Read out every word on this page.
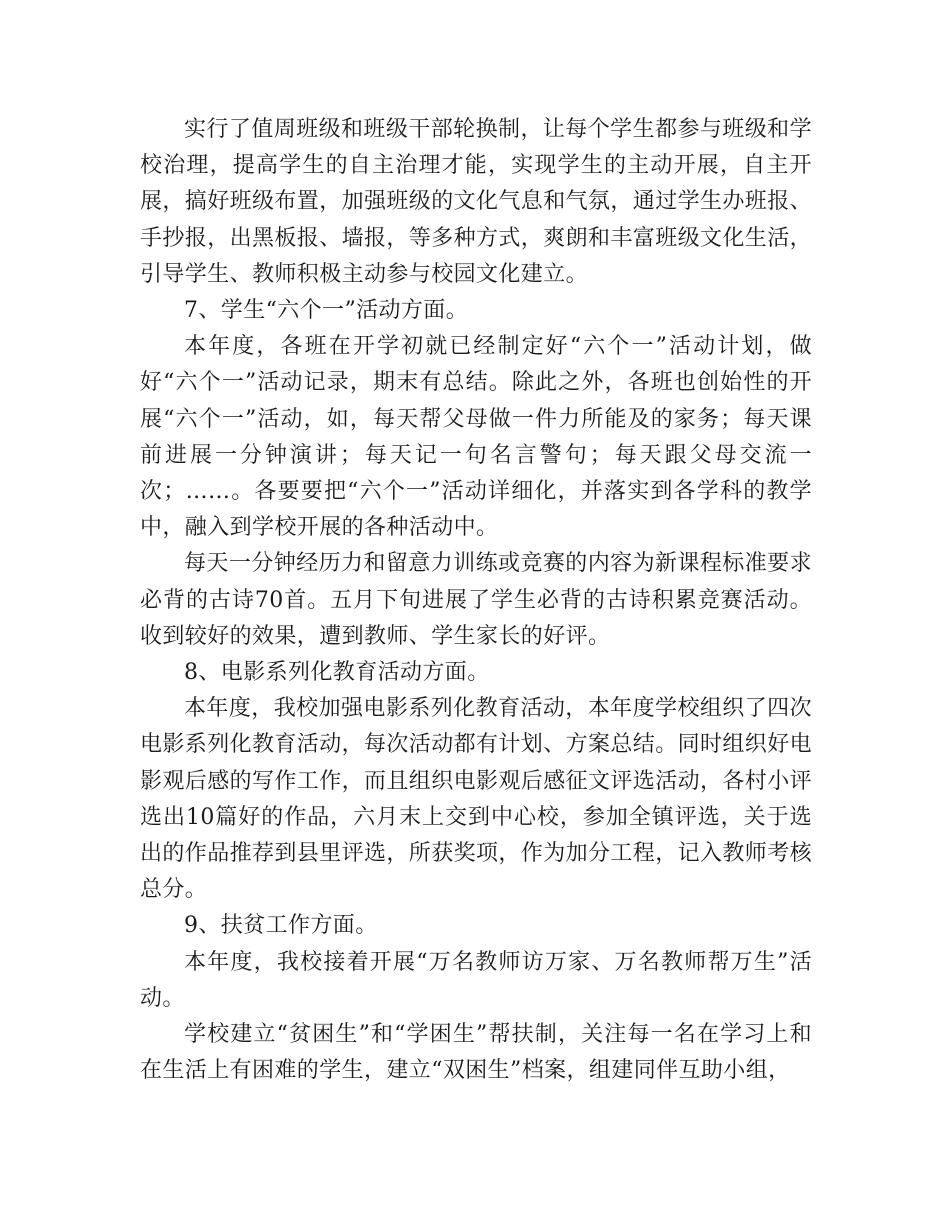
实行了值周班级和班级干部轮换制，让每个学生都参与班级和学校治理，提高学生的自主治理才能，实现学生的主动开展，自主开展，搞好班级布置，加强班级的文化气息和气氛，通过学生办班报、手抄报，出黑板报、墙报，等多种方式，爽朗和丰富班级文化生活，引导学生、教师积极主动参与校园文化建立。

7、学生“六个一”活动方面。

本年度，各班在开学初就已经制定好“六个一”活动计划，做好“六个一”活动记录，期末有总结。除此之外，各班也创始性的开展“六个一”活动，如，每天帮父母做一件力所能及的家务；每天课前进展一分钟演讲；每天记一句名言警句；每天跟父母交流一次；……。各要要把“六个一”活动详细化，并落实到各学科的教学中，融入到学校开展的各种活动中。

每天一分钟经历力和留意力训练或竞赛的内容为新课程标准要求必背的古诗70首。五月下旬进展了学生必背的古诗积累竞赛活动。收到较好的效果，遭到教师、学生家长的好评。

8、电影系列化教育活动方面。

本年度，我校加强电影系列化教育活动，本年度学校组织了四次电影系列化教育活动，每次活动都有计划、方案总结。同时组织好电影观后感的写作工作，而且组织电影观后感征文评选活动，各村小评选出10篇好的作品，六月末上交到中心校，参加全镇评选，关于选出的作品推荐到县里评选，所获奖项，作为加分工程，记入教师考核总分。

9、扶贫工作方面。

本年度，我校接着开展“万名教师访万家、万名教师帮万生”活动。

学校建立“贫困生”和“学困生”帮扶制，关注每一名在学习上和在生活上有困难的学生，建立“双困生”档案，组建同伴互助小组，
